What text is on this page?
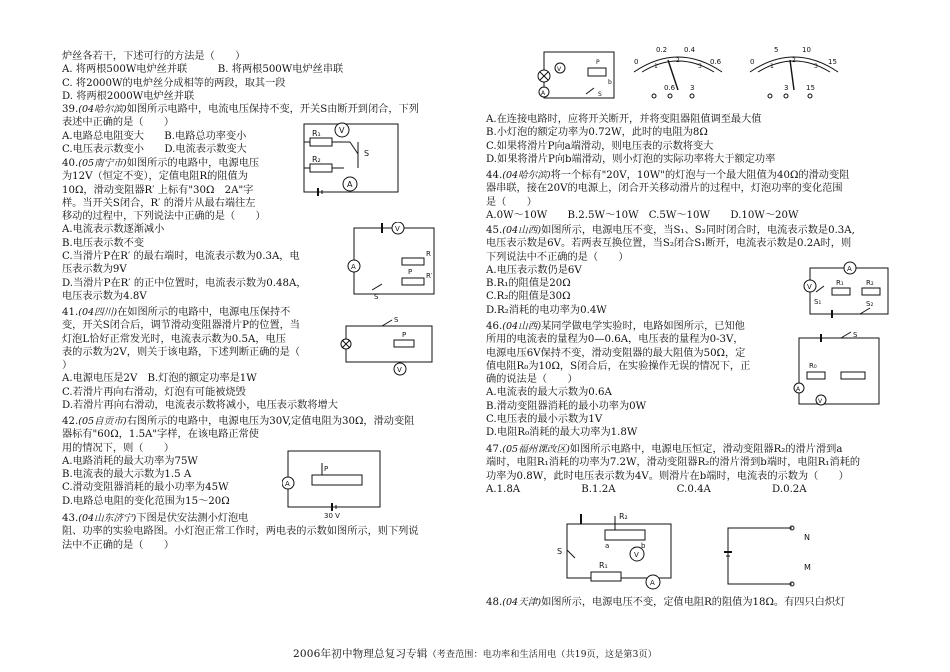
炉丝各若干，下述可行的方法是（　　）
A. 将两根500W电炉丝并联　　　B. 将两根500W电炉丝串联
C. 将2000W的电炉丝分成相等的两段，取其一段
D. 将两根2000W电炉丝并联
39.(04哈尔滨)如图所示电路中，电流电压保持不变，开关S由断开到闭合，下列
表述中正确的是（　　）
A.电路总电阻变大　　B.电路总功率变小
C.电压表示数变小　　D.电流表示数变大
40.(05南宁市)如图所示的电路中，电源电压
为12V（恒定不变），定值电阻R的阻值为
10Ω，滑动变阻器R′ 上标有"30Ω　2A"字
样。当开关S闭合，R′ 的滑片从最右端往左
移动的过程中，下列说法中正确的是（　　）
A.电流表示数逐渐减小
B.电压表示数不变
C.当滑片P在R′ 的最右端时，电流表示数为0.3A，电
压表示数为9V
D.当滑片P在R′ 的正中位置时，电流表示数为0.48A，
电压表示数为4.8V
41.(04四川)在如图所示的电路中，电源电压保持不
变，开关S闭合后，调节滑动变阻器滑片P的位置，当
灯泡L恰好正常发光时，电流表示数为0.5A，电压
表的示数为2V，则关于该电路，下述判断正确的是（
）
A.电源电压是2V　B.灯泡的额定功率是1W
C.若滑片再向右滑动，灯泡有可能被烧毁
D.若滑片再向右滑动，电流表示数将减小，电压表示数将增大
42.(05自贡市)右图所示的电路中，电源电压为30V,定值电阻为30Ω，滑动变阻
器标有"60Ω，1.5A"字样，在该电路正常使
用的情况下，则（　　）
A.电路消耗的最大功率为75W
B.电流表的最大示数为1.5 A
C.滑动变阻器消耗的最小功率为45W
D.电路总电阻的变化范围为15～20Ω
43.(04山东济宁)下图是伏安法测小灯泡电
阻、功率的实验电路图。小灯泡正常工作时，两电表的示数如图所示，则下列说
法中不正确的是（　　）
R₁
R₂
S
V
A
V
A
R
R′
P
S
V
S
P
A
P
30 V
V
A
P
b
S
0
0.2 0.4
0.6
1
2
3
0.6 3
0
5	10
15
1
2
3
3	15
A.在连接电路时，应将开关断开，并将变阻器阻值调至最大值
B.小灯泡的额定功率为0.72W，此时的电阻为8Ω
C.如果将滑片P向a端滑动，则电压表的示数将变大
D.如果将滑片P向b端滑动，则小灯泡的实际功率将大于额定功率
44.(04哈尔滨)将一个标有"20V，10W"的灯泡与一个最大阻值为40Ω的滑动变阻
器串联，接在20V的电源上，闭合开关移动滑片的过程中，灯泡功率的变化范围
是（　　）
A.0W～10W　　B.2.5W～10W　C.5W～10W　　D.10W～20W
45.(04山西)如图所示，电源电压不变，当S₁、S₂同时闭合时，电流表示数是0.3A,
电压表示数是6V。若两表互换位置，当S₂闭合S₁断开，电流表示数是0.2A时，则
下列说法中不正确的是（　　）
A.电压表示数仍是6V
B.R₁的阻值是20Ω
C.R₂的阻值是30Ω
D.R₂消耗的电功率为0.4W
46.(04山西)某同学做电学实验时，电路如图所示，已知他
所用的电流表的量程为0—0.6A，电压表的量程为0-3V，
电源电压6V保持不变，滑动变阻器的最大阻值为50Ω，定
值电阻R₀为10Ω，S闭合后，在实验操作无误的情况下，正
确的说法是（　　）
A.电流表的最大示数为0.6A
B.滑动变阻器消耗的最小功率为0W
C.电压表的最小示数为1V
D.电阻R₀消耗的最大功率为1.8W
47.(05福州课改区)如图所示电路中，电源电压恒定，滑动变阻器R₂的滑片滑到a
端时，电阻R₁消耗的功率为7.2W，滑动变阻器R₂的滑片滑到b端时，电阻R₁消耗的
功率为0.8W，此时电压表示数为4V。则滑片在b端时，电流表的示数为（　　）
A.1.8A　　　　　　B.1.2A　　　　　　C.0.4A　　　　　　D.0.2A
48.(04天津)如图所示，电源电压不变，定值电阻R的阻值为18Ω。有四只白炽灯
A
V	R₁	R₂
S₁	S₂
S
A
V
R₀
R₂
R₁
a	b
S	V
A
N
M
2006年初中物理总复习专辑（考查范围：电功率和生活用电（共19页，这是第3页）
